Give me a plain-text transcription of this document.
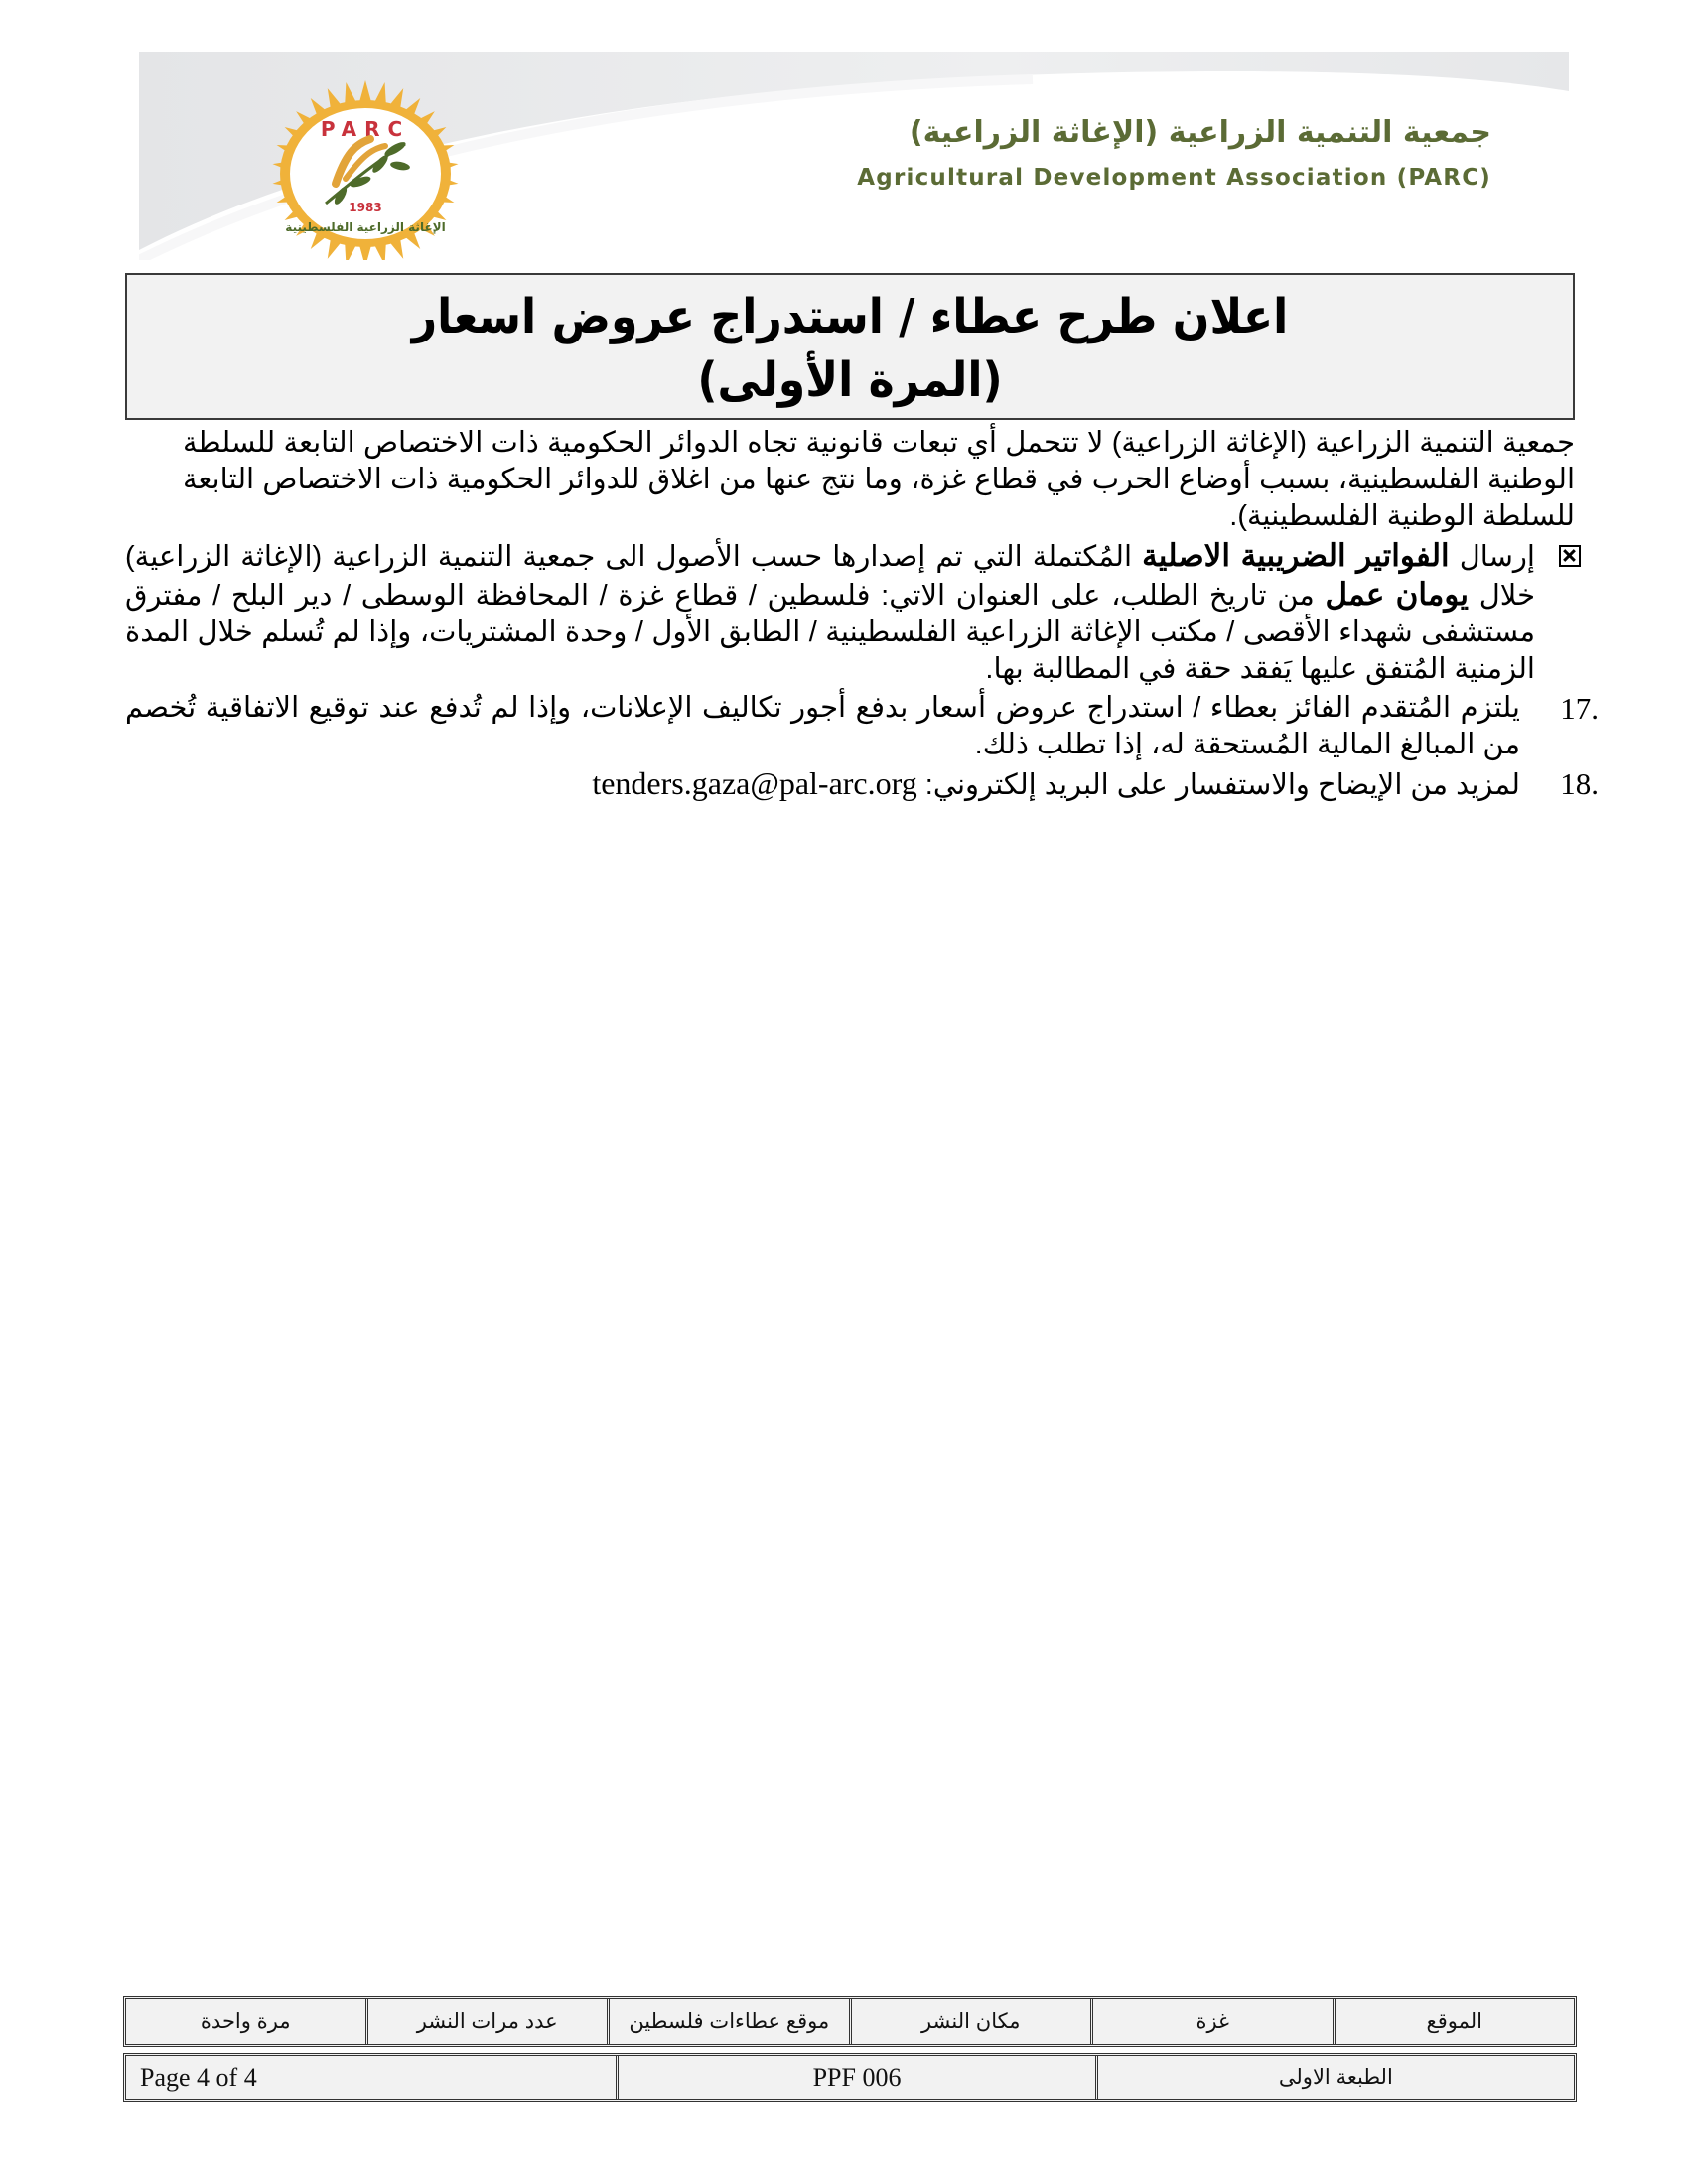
PARC
1983
الإغاثة الزراعية الفلسطينية
جمعية التنمية الزراعية (الإغاثة الزراعية)
Agricultural Development Association (PARC)
اعلان طرح عطاء / استدراج عروض اسعار
(المرة الأولى)

جمعية التنمية الزراعية (الإغاثة الزراعية) لا تتحمل أي تبعات قانونية تجاه الدوائر الحكومية ذات الاختصاص التابعة للسلطة الوطنية الفلسطينية، بسبب أوضاع الحرب في قطاع غزة، وما نتج عنها من اغلاق للدوائر الحكومية ذات الاختصاص التابعة للسلطة الوطنية الفلسطينية).

إرسال الفواتير الضريبية الاصلية المُكتملة التي تم إصدارها حسب الأصول الى جمعية التنمية الزراعية (الإغاثة الزراعية) خلال يومان عمل من تاريخ الطلب، على العنوان الاتي: فلسطين / قطاع غزة / المحافظة الوسطى / دير البلح / مفترق مستشفى شهداء الأقصى / مكتب الإغاثة الزراعية الفلسطينية / الطابق الأول / وحدة المشتريات، وإذا لم تُسلم خلال المدة الزمنية المُتفق عليها يَفقد حقة في المطالبة بها.
17.
يلتزم المُتقدم الفائز بعطاء / استدراج عروض أسعار بدفع أجور تكاليف الإعلانات، وإذا لم تُدفع عند توقيع الاتفاقية تُخصم من المبالغ المالية المُستحقة له، إذا تطلب ذلك.
18.
لمزيد من الإيضاح والاستفسار على البريد إلكتروني: tenders.gaza@pal-arc.org
الموقع
غزة
مكان النشر
موقع عطاءات فلسطين
عدد مرات النشر
مرة واحدة
الطبعة الاولى
PPF 006
Page 4 of 4
